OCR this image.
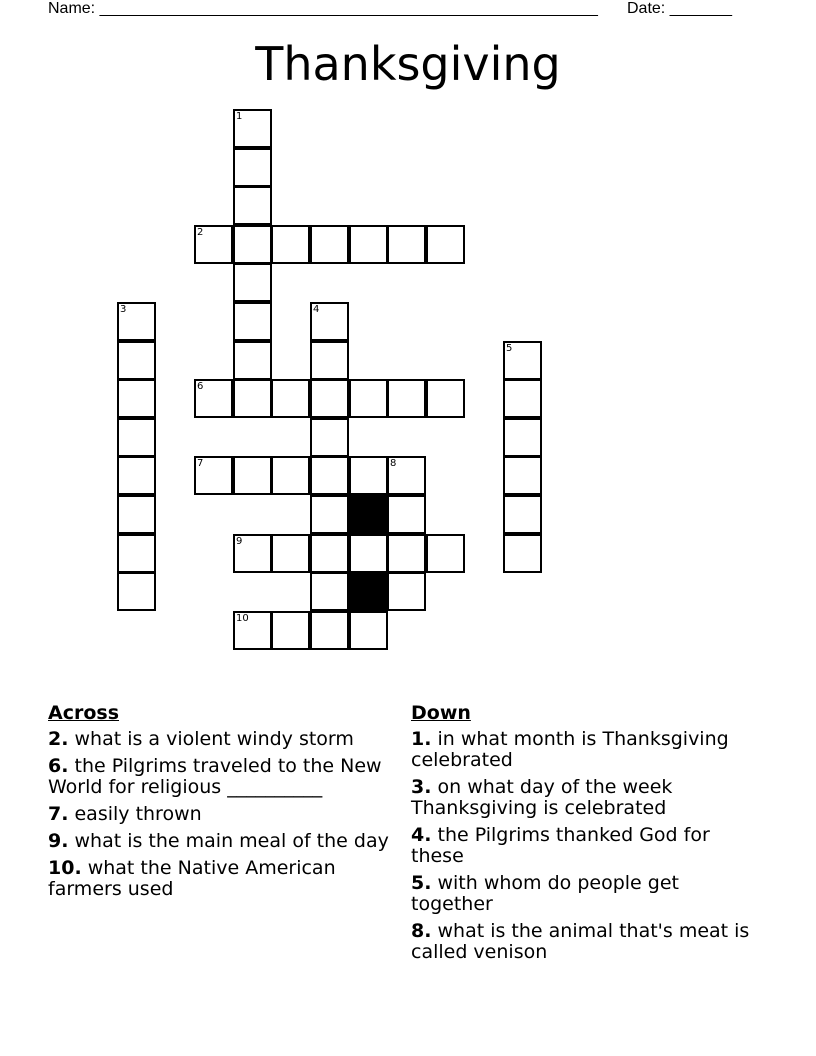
Name: ________________________________________________________ Date: _______
Thanksgiving
1
2
3	4
5
6
7	8
9
10
Across
2. what is a violent windy storm
6. the Pilgrims traveled to the New World for religious __________
7. easily thrown
9. what is the main meal of the day
10. what the Native American farmers used
Down
1. in what month is Thanksgiving celebrated
3. on what day of the week Thanksgiving is celebrated
4. the Pilgrims thanked God for these
5. with whom do people get together
8. what is the animal that's meat is called venison
